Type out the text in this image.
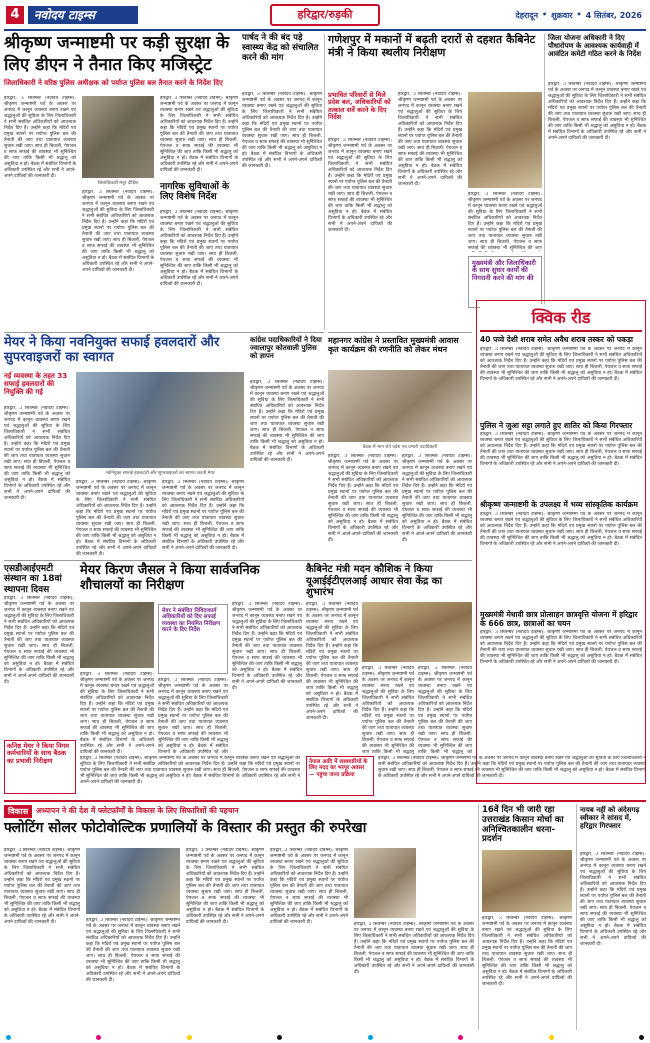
4	नवोदय टाइम्स	हरिद्वार/रुड़की	देहरादून • शुक्रवार • 4 सितंबर, 2026
श्रीकृष्ण जन्माष्टमी पर कड़ी सुरक्षा के
लिए डीएन ने तैनात किए मजिस्ट्रेट
जिलाधिकारी ने वरिष्ठ पुलिस अधीक्षक को पर्याप्त पुलिस बल तैनात करने के निर्देश दिए
हरिद्वार, 3 सितम्बर (नवोदय टाइम्स): श्रीकृष्ण जन्माष्टमी पर्व के अवसर पर जनपद में कानून व्यवस्था बनाए रखने एवं श्रद्धालुओं की सुविधा के लिए जिलाधिकारी ने सभी संबंधित अधिकारियों को आवश्यक निर्देश दिए हैं। उन्होंने कहा कि मंदिरों एवं प्रमुख स्थानों पर पर्याप्त पुलिस बल की तैनाती की जाए तथा यातायात व्यवस्था सुचारु रखी जाए। साथ ही बिजली, पेयजल व साफ सफाई की व्यवस्था भी सुनिश्चित की जाए ताकि किसी भी श्रद्धालु को असुविधा न हो। बैठक में संबंधित विभागों के अधिकारी उपस्थित रहे और सभी ने अपने-अपने दायित्वों की जानकारी दी।
जिलाधिकारी मयूर दीक्षित
हरिद्वार, 3 सितम्बर (नवोदय टाइम्स): श्रीकृष्ण जन्माष्टमी पर्व के अवसर पर जनपद में कानून व्यवस्था बनाए रखने एवं श्रद्धालुओं की सुविधा के लिए जिलाधिकारी ने सभी संबंधित अधिकारियों को आवश्यक निर्देश दिए हैं। उन्होंने कहा कि मंदिरों एवं प्रमुख स्थानों पर पर्याप्त पुलिस बल की तैनाती की जाए तथा यातायात व्यवस्था सुचारु रखी जाए। साथ ही बिजली, पेयजल व साफ सफाई की व्यवस्था भी सुनिश्चित की जाए ताकि किसी भी श्रद्धालु को असुविधा न हो। बैठक में संबंधित विभागों के अधिकारी उपस्थित रहे और सभी ने अपने-अपने दायित्वों की जानकारी दी।
हरिद्वार, 3 सितम्बर (नवोदय टाइम्स): श्रीकृष्ण जन्माष्टमी पर्व के अवसर पर जनपद में कानून व्यवस्था बनाए रखने एवं श्रद्धालुओं की सुविधा के लिए जिलाधिकारी ने सभी संबंधित अधिकारियों को आवश्यक निर्देश दिए हैं। उन्होंने कहा कि मंदिरों एवं प्रमुख स्थानों पर पर्याप्त पुलिस बल की तैनाती की जाए तथा यातायात व्यवस्था सुचारु रखी जाए। साथ ही बिजली, पेयजल व साफ सफाई की व्यवस्था भी सुनिश्चित की जाए ताकि किसी भी श्रद्धालु को असुविधा न हो। बैठक में संबंधित विभागों के अधिकारी उपस्थित रहे और सभी ने अपने-अपने दायित्वों की जानकारी दी।
नागरिक सुविधाओं के लिए विशेष निर्देश
हरिद्वार, 3 सितम्बर (नवोदय टाइम्स): श्रीकृष्ण जन्माष्टमी पर्व के अवसर पर जनपद में कानून व्यवस्था बनाए रखने एवं श्रद्धालुओं की सुविधा के लिए जिलाधिकारी ने सभी संबंधित अधिकारियों को आवश्यक निर्देश दिए हैं। उन्होंने कहा कि मंदिरों एवं प्रमुख स्थानों पर पर्याप्त पुलिस बल की तैनाती की जाए तथा यातायात व्यवस्था सुचारु रखी जाए। साथ ही बिजली, पेयजल व साफ सफाई की व्यवस्था भी सुनिश्चित की जाए ताकि किसी भी श्रद्धालु को असुविधा न हो। बैठक में संबंधित विभागों के अधिकारी उपस्थित रहे और सभी ने अपने-अपने दायित्वों की जानकारी दी।
पार्षद ने की बंद पड़े स्वास्थ्य केंद्र को संचालित करने की मांग
हरिद्वार, 3 सितम्बर (नवोदय टाइम्स): श्रीकृष्ण जन्माष्टमी पर्व के अवसर पर जनपद में कानून व्यवस्था बनाए रखने एवं श्रद्धालुओं की सुविधा के लिए जिलाधिकारी ने सभी संबंधित अधिकारियों को आवश्यक निर्देश दिए हैं। उन्होंने कहा कि मंदिरों एवं प्रमुख स्थानों पर पर्याप्त पुलिस बल की तैनाती की जाए तथा यातायात व्यवस्था सुचारु रखी जाए। साथ ही बिजली, पेयजल व साफ सफाई की व्यवस्था भी सुनिश्चित की जाए ताकि किसी भी श्रद्धालु को असुविधा न हो। बैठक में संबंधित विभागों के अधिकारी उपस्थित रहे और सभी ने अपने-अपने दायित्वों की जानकारी दी।
गणेशपुर में मकानों में बढ़ती दरारों से दहशत कैबिनेट मंत्री ने किया स्थलीय निरीक्षण
प्रभावित परिवारों से मिले प्रदेश बल, अधिकारियों को तत्काल सर्वे करने के दिए निर्देश
हरिद्वार, 3 सितम्बर (नवोदय टाइम्स): श्रीकृष्ण जन्माष्टमी पर्व के अवसर पर जनपद में कानून व्यवस्था बनाए रखने एवं श्रद्धालुओं की सुविधा के लिए जिलाधिकारी ने सभी संबंधित अधिकारियों को आवश्यक निर्देश दिए हैं। उन्होंने कहा कि मंदिरों एवं प्रमुख स्थानों पर पर्याप्त पुलिस बल की तैनाती की जाए तथा यातायात व्यवस्था सुचारु रखी जाए। साथ ही बिजली, पेयजल व साफ सफाई की व्यवस्था भी सुनिश्चित की जाए ताकि किसी भी श्रद्धालु को असुविधा न हो। बैठक में संबंधित विभागों के अधिकारी उपस्थित रहे और सभी ने अपने-अपने दायित्वों की जानकारी दी।
हरिद्वार, 3 सितम्बर (नवोदय टाइम्स): श्रीकृष्ण जन्माष्टमी पर्व के अवसर पर जनपद में कानून व्यवस्था बनाए रखने एवं श्रद्धालुओं की सुविधा के लिए जिलाधिकारी ने सभी संबंधित अधिकारियों को आवश्यक निर्देश दिए हैं। उन्होंने कहा कि मंदिरों एवं प्रमुख स्थानों पर पर्याप्त पुलिस बल की तैनाती की जाए तथा यातायात व्यवस्था सुचारु रखी जाए। साथ ही बिजली, पेयजल व साफ सफाई की व्यवस्था भी सुनिश्चित की जाए ताकि किसी भी श्रद्धालु को असुविधा न हो। बैठक में संबंधित विभागों के अधिकारी उपस्थित रहे और सभी ने अपने-अपने दायित्वों की जानकारी दी।
हरिद्वार, 3 सितम्बर (नवोदय टाइम्स): श्रीकृष्ण जन्माष्टमी पर्व के अवसर पर जनपद में कानून व्यवस्था बनाए रखने एवं श्रद्धालुओं की सुविधा के लिए जिलाधिकारी ने सभी संबंधित अधिकारियों को आवश्यक निर्देश दिए हैं। उन्होंने कहा कि मंदिरों एवं प्रमुख स्थानों पर पर्याप्त पुलिस बल की तैनाती की जाए तथा यातायात व्यवस्था सुचारु रखी जाए। साथ ही बिजली, पेयजल व साफ सफाई की व्यवस्था भी सुनिश्चित की जाए
मुख्यमंत्री और जिलाधिकारी के साथ सुधार कार्यों की निगरानी करने की मांग की
जिला योजना अधिकारी ने दिए पौधारोपण के आवश्यक कार्यवाही में आवंटित कमेटी गठित करने के निर्देश
हरिद्वार, 3 सितम्बर (नवोदय टाइम्स): श्रीकृष्ण जन्माष्टमी पर्व के अवसर पर जनपद में कानून व्यवस्था बनाए रखने एवं श्रद्धालुओं की सुविधा के लिए जिलाधिकारी ने सभी संबंधित अधिकारियों को आवश्यक निर्देश दिए हैं। उन्होंने कहा कि मंदिरों एवं प्रमुख स्थानों पर पर्याप्त पुलिस बल की तैनाती की जाए तथा यातायात व्यवस्था सुचारु रखी जाए। साथ ही बिजली, पेयजल व साफ सफाई की व्यवस्था भी सुनिश्चित की जाए ताकि किसी भी श्रद्धालु को असुविधा न हो। बैठक में संबंधित विभागों के अधिकारी उपस्थित रहे और सभी ने अपने-अपने दायित्वों की जानकारी दी।
मेयर ने किया नवनियुक्त सफाई हवलदारों और सुपरवाइजरों का स्वागत
नई व्यवस्था के तहत 33 सफाई हवलदारों की नियुक्ति की गई
हरिद्वार, 3 सितम्बर (नवोदय टाइम्स): श्रीकृष्ण जन्माष्टमी पर्व के अवसर पर जनपद में कानून व्यवस्था बनाए रखने एवं श्रद्धालुओं की सुविधा के लिए जिलाधिकारी ने सभी संबंधित अधिकारियों को आवश्यक निर्देश दिए हैं। उन्होंने कहा कि मंदिरों एवं प्रमुख स्थानों पर पर्याप्त पुलिस बल की तैनाती की जाए तथा यातायात व्यवस्था सुचारु रखी जाए। साथ ही बिजली, पेयजल व साफ सफाई की व्यवस्था भी सुनिश्चित की जाए ताकि किसी भी श्रद्धालु को असुविधा न हो। बैठक में संबंधित विभागों के अधिकारी उपस्थित रहे और सभी ने अपने-अपने दायित्वों की जानकारी दी।
नवनियुक्त सफाई हवलदारों और सुपरवाइजरों का स्वागत करती मेयर
हरिद्वार, 3 सितम्बर (नवोदय टाइम्स): श्रीकृष्ण जन्माष्टमी पर्व के अवसर पर जनपद में कानून व्यवस्था बनाए रखने एवं श्रद्धालुओं की सुविधा के लिए जिलाधिकारी ने सभी संबंधित अधिकारियों को आवश्यक निर्देश दिए हैं। उन्होंने कहा कि मंदिरों एवं प्रमुख स्थानों पर पर्याप्त पुलिस बल की तैनाती की जाए तथा यातायात व्यवस्था सुचारु रखी जाए। साथ ही बिजली, पेयजल व साफ सफाई की व्यवस्था भी सुनिश्चित की जाए ताकि किसी भी श्रद्धालु को असुविधा न हो। बैठक में संबंधित विभागों के अधिकारी उपस्थित रहे और सभी ने अपने-अपने दायित्वों की जानकारी दी।
हरिद्वार, 3 सितम्बर (नवोदय टाइम्स): श्रीकृष्ण जन्माष्टमी पर्व के अवसर पर जनपद में कानून व्यवस्था बनाए रखने एवं श्रद्धालुओं की सुविधा के लिए जिलाधिकारी ने सभी संबंधित अधिकारियों को आवश्यक निर्देश दिए हैं। उन्होंने कहा कि मंदिरों एवं प्रमुख स्थानों पर पर्याप्त पुलिस बल की तैनाती की जाए तथा यातायात व्यवस्था सुचारु रखी जाए। साथ ही बिजली, पेयजल व साफ सफाई की व्यवस्था भी सुनिश्चित की जाए ताकि किसी भी श्रद्धालु को असुविधा न हो। बैठक में संबंधित विभागों के अधिकारी उपस्थित रहे और सभी ने अपने-अपने दायित्वों की जानकारी दी।
कांग्रेस पदाधिकारियों ने दिया ज्वालापुर कोतवाली पुलिस को ज्ञापन
हरिद्वार, 3 सितम्बर (नवोदय टाइम्स): श्रीकृष्ण जन्माष्टमी पर्व के अवसर पर जनपद में कानून व्यवस्था बनाए रखने एवं श्रद्धालुओं की सुविधा के लिए जिलाधिकारी ने सभी संबंधित अधिकारियों को आवश्यक निर्देश दिए हैं। उन्होंने कहा कि मंदिरों एवं प्रमुख स्थानों पर पर्याप्त पुलिस बल की तैनाती की जाए तथा यातायात व्यवस्था सुचारु रखी जाए। साथ ही बिजली, पेयजल व साफ सफाई की व्यवस्था भी सुनिश्चित की जाए ताकि किसी भी श्रद्धालु को असुविधा न हो। बैठक में संबंधित विभागों के अधिकारी उपस्थित रहे और सभी ने अपने-अपने दायित्वों की जानकारी दी।
महानगर कांग्रेस ने प्रस्तावित मुख्यमंत्री आवास कृत कार्यक्रम की रणनीति को लेकर मंथन
बैठक में भाग लेते प्रदेश एवं प्रभारी पदाधिकारी
हरिद्वार, 3 सितम्बर (नवोदय टाइम्स): श्रीकृष्ण जन्माष्टमी पर्व के अवसर पर जनपद में कानून व्यवस्था बनाए रखने एवं श्रद्धालुओं की सुविधा के लिए जिलाधिकारी ने सभी संबंधित अधिकारियों को आवश्यक निर्देश दिए हैं। उन्होंने कहा कि मंदिरों एवं प्रमुख स्थानों पर पर्याप्त पुलिस बल की तैनाती की जाए तथा यातायात व्यवस्था सुचारु रखी जाए। साथ ही बिजली, पेयजल व साफ सफाई की व्यवस्था भी सुनिश्चित की जाए ताकि किसी भी श्रद्धालु को असुविधा न हो। बैठक में संबंधित विभागों के अधिकारी उपस्थित रहे और सभी ने अपने-अपने दायित्वों की जानकारी दी।
हरिद्वार, 3 सितम्बर (नवोदय टाइम्स): श्रीकृष्ण जन्माष्टमी पर्व के अवसर पर जनपद में कानून व्यवस्था बनाए रखने एवं श्रद्धालुओं की सुविधा के लिए जिलाधिकारी ने सभी संबंधित अधिकारियों को आवश्यक निर्देश दिए हैं। उन्होंने कहा कि मंदिरों एवं प्रमुख स्थानों पर पर्याप्त पुलिस बल की तैनाती की जाए तथा यातायात व्यवस्था सुचारु रखी जाए। साथ ही बिजली, पेयजल व साफ सफाई की व्यवस्था भी सुनिश्चित की जाए ताकि किसी भी श्रद्धालु को असुविधा न हो। बैठक में संबंधित विभागों के अधिकारी उपस्थित रहे और सभी ने अपने-अपने दायित्वों की जानकारी दी।
क्विक रीड
40 पव्वे देशी शराब समेत अवैध शराब तस्कर को पकड़ा
हरिद्वार, 3 सितम्बर (नवोदय टाइम्स): श्रीकृष्ण जन्माष्टमी पर्व के अवसर पर जनपद में कानून व्यवस्था बनाए रखने एवं श्रद्धालुओं की सुविधा के लिए जिलाधिकारी ने सभी संबंधित अधिकारियों को आवश्यक निर्देश दिए हैं। उन्होंने कहा कि मंदिरों एवं प्रमुख स्थानों पर पर्याप्त पुलिस बल की तैनाती की जाए तथा यातायात व्यवस्था सुचारु रखी जाए। साथ ही बिजली, पेयजल व साफ सफाई की व्यवस्था भी सुनिश्चित की जाए ताकि किसी भी श्रद्धालु को असुविधा न हो। बैठक में संबंधित विभागों के अधिकारी उपस्थित रहे और सभी ने अपने-अपने दायित्वों की जानकारी दी।
पुलिस ने जुआ सट्टा लगाते हुए शातिर को किया गिरफ्तार
हरिद्वार, 3 सितम्बर (नवोदय टाइम्स): श्रीकृष्ण जन्माष्टमी पर्व के अवसर पर जनपद में कानून व्यवस्था बनाए रखने एवं श्रद्धालुओं की सुविधा के लिए जिलाधिकारी ने सभी संबंधित अधिकारियों को आवश्यक निर्देश दिए हैं। उन्होंने कहा कि मंदिरों एवं प्रमुख स्थानों पर पर्याप्त पुलिस बल की तैनाती की जाए तथा यातायात व्यवस्था सुचारु रखी जाए। साथ ही बिजली, पेयजल व साफ सफाई की व्यवस्था भी सुनिश्चित की जाए ताकि किसी भी श्रद्धालु को असुविधा न हो। बैठक में संबंधित विभागों के अधिकारी उपस्थित रहे और सभी ने अपने-अपने दायित्वों की जानकारी दी।
श्रीकृष्ण जन्माष्टमी के उपलक्ष्य में भव्य सांस्कृतिक कार्यक्रम
हरिद्वार, 3 सितम्बर (नवोदय टाइम्स): श्रीकृष्ण जन्माष्टमी पर्व के अवसर पर जनपद में कानून व्यवस्था बनाए रखने एवं श्रद्धालुओं की सुविधा के लिए जिलाधिकारी ने सभी संबंधित अधिकारियों को आवश्यक निर्देश दिए हैं। उन्होंने कहा कि मंदिरों एवं प्रमुख स्थानों पर पर्याप्त पुलिस बल की तैनाती की जाए तथा यातायात व्यवस्था सुचारु रखी जाए। साथ ही बिजली, पेयजल व साफ सफाई की व्यवस्था भी सुनिश्चित की जाए ताकि किसी भी श्रद्धालु को असुविधा न हो। बैठक में संबंधित विभागों के अधिकारी उपस्थित रहे और सभी ने अपने-अपने दायित्वों की जानकारी दी।
मुख्यमंत्री मेधावी छात्र प्रोत्साहन छात्रवृत्ति योजना में हरिद्वार के 666 छात्र, छात्राओं का चयन
हरिद्वार, 3 सितम्बर (नवोदय टाइम्स): श्रीकृष्ण जन्माष्टमी पर्व के अवसर पर जनपद में कानून व्यवस्था बनाए रखने एवं श्रद्धालुओं की सुविधा के लिए जिलाधिकारी ने सभी संबंधित अधिकारियों को आवश्यक निर्देश दिए हैं। उन्होंने कहा कि मंदिरों एवं प्रमुख स्थानों पर पर्याप्त पुलिस बल की तैनाती की जाए तथा यातायात व्यवस्था सुचारु रखी जाए। साथ ही बिजली, पेयजल व साफ सफाई की व्यवस्था भी सुनिश्चित की जाए ताकि किसी भी श्रद्धालु को असुविधा न हो। बैठक में संबंधित विभागों के अधिकारी उपस्थित रहे और सभी ने अपने-अपने दायित्वों की जानकारी दी।
एसडीआईएमटी संस्थान का 18वां स्थापना दिवस
हरिद्वार, 3 सितम्बर (नवोदय टाइम्स): श्रीकृष्ण जन्माष्टमी पर्व के अवसर पर जनपद में कानून व्यवस्था बनाए रखने एवं श्रद्धालुओं की सुविधा के लिए जिलाधिकारी ने सभी संबंधित अधिकारियों को आवश्यक निर्देश दिए हैं। उन्होंने कहा कि मंदिरों एवं प्रमुख स्थानों पर पर्याप्त पुलिस बल की तैनाती की जाए तथा यातायात व्यवस्था सुचारु रखी जाए। साथ ही बिजली, पेयजल व साफ सफाई की व्यवस्था भी सुनिश्चित की जाए ताकि किसी भी श्रद्धालु को असुविधा न हो। बैठक में संबंधित विभागों के अधिकारी उपस्थित रहे और सभी ने अपने-अपने दायित्वों की जानकारी दी।
मेयर किरण जैसल ने किया सार्वजनिक शौचालयों का निरीक्षण
हरिद्वार, 3 सितम्बर (नवोदय टाइम्स): श्रीकृष्ण जन्माष्टमी पर्व के अवसर पर जनपद में कानून व्यवस्था बनाए रखने एवं श्रद्धालुओं की सुविधा के लिए जिलाधिकारी ने सभी संबंधित अधिकारियों को आवश्यक निर्देश दिए हैं। उन्होंने कहा कि मंदिरों एवं प्रमुख स्थानों पर पर्याप्त पुलिस बल की तैनाती की जाए तथा यातायात व्यवस्था सुचारु रखी जाए। साथ ही बिजली, पेयजल व साफ सफाई की व्यवस्था भी सुनिश्चित की जाए ताकि किसी भी श्रद्धालु को असुविधा न हो। बैठक में संबंधित विभागों के अधिकारी उपस्थित रहे और सभी ने अपने-अपने दायित्वों की जानकारी दी।
मेयर ने संबंधित निविदाकार्य अधिकारियों को दिए सफाई व्यवस्था का नियमित निरीक्षण करने के दिए निर्देश
हरिद्वार, 3 सितम्बर (नवोदय टाइम्स): श्रीकृष्ण जन्माष्टमी पर्व के अवसर पर जनपद में कानून व्यवस्था बनाए रखने एवं श्रद्धालुओं की सुविधा के लिए जिलाधिकारी ने सभी संबंधित अधिकारियों को आवश्यक निर्देश दिए हैं। उन्होंने कहा कि मंदिरों एवं प्रमुख स्थानों पर पर्याप्त पुलिस बल की तैनाती की जाए तथा यातायात व्यवस्था सुचारु रखी जाए। साथ ही बिजली, पेयजल व साफ सफाई की व्यवस्था भी सुनिश्चित की जाए ताकि किसी भी श्रद्धालु को असुविधा न हो। बैठक में संबंधित विभागों के अधिकारी उपस्थित रहे और
हरिद्वार, 3 सितम्बर (नवोदय टाइम्स): श्रीकृष्ण जन्माष्टमी पर्व के अवसर पर जनपद में कानून व्यवस्था बनाए रखने एवं श्रद्धालुओं की सुविधा के लिए जिलाधिकारी ने सभी संबंधित अधिकारियों को आवश्यक निर्देश दिए हैं। उन्होंने कहा कि मंदिरों एवं प्रमुख स्थानों पर पर्याप्त पुलिस बल की तैनाती की जाए तथा यातायात व्यवस्था सुचारु रखी जाए। साथ ही बिजली, पेयजल व साफ सफाई की व्यवस्था भी सुनिश्चित की जाए ताकि किसी भी श्रद्धालु को असुविधा न हो। बैठक में संबंधित विभागों के अधिकारी उपस्थित रहे और सभी ने अपने-अपने दायित्वों की जानकारी दी।
कैबिनेट मंत्री मदन कौशिक ने किया यूआईईटीएलआई आधार सेवा केंद्र का शुभारंभ
हरिद्वार, 3 सितम्बर (नवोदय टाइम्स): श्रीकृष्ण जन्माष्टमी पर्व के अवसर पर जनपद में कानून व्यवस्था बनाए रखने एवं श्रद्धालुओं की सुविधा के लिए जिलाधिकारी ने सभी संबंधित अधिकारियों को आवश्यक निर्देश दिए हैं। उन्होंने कहा कि मंदिरों एवं प्रमुख स्थानों पर पर्याप्त पुलिस बल की तैनाती की जाए तथा यातायात व्यवस्था सुचारु रखी जाए। साथ ही बिजली, पेयजल व साफ सफाई की व्यवस्था भी सुनिश्चित की जाए ताकि किसी भी श्रद्धालु को असुविधा न हो। बैठक में संबंधित विभागों के अधिकारी उपस्थित रहे और सभी ने अपने-अपने दायित्वों की जानकारी दी।
हरिद्वार, 3 सितम्बर (नवोदय टाइम्स): श्रीकृष्ण जन्माष्टमी पर्व के अवसर पर जनपद में कानून व्यवस्था बनाए रखने एवं श्रद्धालुओं की सुविधा के लिए जिलाधिकारी ने सभी संबंधित अधिकारियों को आवश्यक निर्देश दिए हैं। उन्होंने कहा कि मंदिरों एवं प्रमुख स्थानों पर पर्याप्त पुलिस बल की तैनाती की जाए तथा यातायात व्यवस्था सुचारु रखी जाए। साथ ही बिजली, पेयजल व साफ सफाई की व्यवस्था भी सुनिश्चित की जाए ताकि किसी भी श्रद्धालु
हरिद्वार, 3 सितम्बर (नवोदय टाइम्स): श्रीकृष्ण जन्माष्टमी पर्व के अवसर पर जनपद में कानून व्यवस्था बनाए रखने एवं श्रद्धालुओं की सुविधा के लिए जिलाधिकारी ने सभी संबंधित अधिकारियों को आवश्यक निर्देश दिए हैं। उन्होंने कहा कि मंदिरों एवं प्रमुख स्थानों पर पर्याप्त पुलिस बल की तैनाती की जाए तथा यातायात व्यवस्था सुचारु रखी जाए। साथ ही बिजली, पेयजल व साफ सफाई की व्यवस्था भी सुनिश्चित की जाए ताकि किसी भी श्रद्धालु को
कनिष्ठ मेयर ने किया निगम कर्मचारियों के साथ बैठक का प्रभावी निरीक्षण	हरिद्वार, 3 सितम्बर (नवोदय टाइम्स): श्रीकृष्ण जन्माष्टमी पर्व के अवसर पर जनपद में कानून व्यवस्था बनाए रखने एवं श्रद्धालुओं की सुविधा के लिए जिलाधिकारी ने सभी संबंधित अधिकारियों को आवश्यक निर्देश दिए हैं। उन्होंने कहा कि मंदिरों एवं प्रमुख स्थानों पर पर्याप्त पुलिस बल की तैनाती की जाए तथा यातायात व्यवस्था सुचारु रखी जाए। साथ ही बिजली, पेयजल व साफ सफाई की व्यवस्था भी सुनिश्चित की जाए ताकि किसी भी श्रद्धालु को असुविधा न हो। बैठक में संबंधित विभागों के अधिकारी उपस्थित रहे और सभी ने अपने-अपने दायित्वों की जानकारी दी।
नेपाल आदि में शस्त्रधारियों के लिए मदद का भरपूर अवसर — पहुंचा जाना प्रक्रिया
हरिद्वार, 3 सितम्बर (नवोदय टाइम्स): श्रीकृष्ण जन्माष्टमी पर्व के अवसर पर जनपद में कानून व्यवस्था बनाए रखने एवं श्रद्धालुओं की सुविधा के लिए जिलाधिकारी ने सभी संबंधित अधिकारियों को आवश्यक निर्देश दिए हैं। उन्होंने कहा कि मंदिरों एवं प्रमुख स्थानों पर पर्याप्त पुलिस बल की तैनाती की जाए तथा यातायात व्यवस्था सुचारु रखी जाए। साथ ही बिजली, पेयजल व साफ सफाई की व्यवस्था भी सुनिश्चित की जाए ताकि किसी भी श्रद्धालु को असुविधा न हो। बैठक में संबंधित विभागों के अधिकारी उपस्थित रहे और सभी ने अपने-अपने दायित्वों की जानकारी दी।
विकास	अध्यापन ने की देश में फ्लेटफ़ॉर्मों के विकास के लिए सिफारिशों की पहचान
फ्लोटिंग सोलर फोटोवोल्टिक प्रणालियों के विस्तार की प्रस्तुत की रुपरेखा
हरिद्वार, 3 सितम्बर (नवोदय टाइम्स): श्रीकृष्ण जन्माष्टमी पर्व के अवसर पर जनपद में कानून व्यवस्था बनाए रखने एवं श्रद्धालुओं की सुविधा के लिए जिलाधिकारी ने सभी संबंधित अधिकारियों को आवश्यक निर्देश दिए हैं। उन्होंने कहा कि मंदिरों एवं प्रमुख स्थानों पर पर्याप्त पुलिस बल की तैनाती की जाए तथा यातायात व्यवस्था सुचारु रखी जाए। साथ ही बिजली, पेयजल व साफ सफाई की व्यवस्था भी सुनिश्चित की जाए ताकि किसी भी श्रद्धालु को असुविधा न हो। बैठक में संबंधित विभागों के अधिकारी उपस्थित रहे और सभी ने अपने-अपने दायित्वों की जानकारी दी।	हरिद्वार, 3 सितम्बर (नवोदय टाइम्स): श्रीकृष्ण जन्माष्टमी पर्व के अवसर पर जनपद में कानून व्यवस्था बनाए रखने एवं श्रद्धालुओं की सुविधा के लिए जिलाधिकारी ने सभी संबंधित अधिकारियों को आवश्यक निर्देश दिए हैं। उन्होंने कहा कि मंदिरों एवं प्रमुख स्थानों पर पर्याप्त पुलिस बल की तैनाती की जाए तथा यातायात व्यवस्था सुचारु रखी जाए। साथ ही बिजली, पेयजल व साफ सफाई की व्यवस्था भी सुनिश्चित की जाए ताकि किसी भी श्रद्धालु को असुविधा न हो। बैठक में संबंधित विभागों के अधिकारी उपस्थित रहे और सभी ने अपने-अपने दायित्वों की जानकारी दी।
हरिद्वार, 3 सितम्बर (नवोदय टाइम्स): श्रीकृष्ण जन्माष्टमी पर्व के अवसर पर जनपद में कानून व्यवस्था बनाए रखने एवं श्रद्धालुओं की सुविधा के लिए जिलाधिकारी ने सभी संबंधित अधिकारियों को आवश्यक निर्देश दिए हैं। उन्होंने कहा कि मंदिरों एवं प्रमुख स्थानों पर पर्याप्त पुलिस बल की तैनाती की जाए तथा यातायात व्यवस्था सुचारु रखी जाए। साथ ही बिजली, पेयजल व साफ सफाई की व्यवस्था भी सुनिश्चित की जाए ताकि किसी भी श्रद्धालु को असुविधा न हो। बैठक में संबंधित विभागों के अधिकारी उपस्थित रहे और सभी ने अपने-अपने दायित्वों की जानकारी दी।
हरिद्वार, 3 सितम्बर (नवोदय टाइम्स): श्रीकृष्ण जन्माष्टमी पर्व के अवसर पर जनपद में कानून व्यवस्था बनाए रखने एवं श्रद्धालुओं की सुविधा के लिए जिलाधिकारी ने सभी संबंधित अधिकारियों को आवश्यक निर्देश दिए हैं। उन्होंने कहा कि मंदिरों एवं प्रमुख स्थानों पर पर्याप्त पुलिस बल की तैनाती की जाए तथा यातायात व्यवस्था सुचारु रखी जाए। साथ ही बिजली, पेयजल व साफ सफाई की व्यवस्था भी सुनिश्चित की जाए ताकि किसी भी श्रद्धालु को असुविधा न हो। बैठक में संबंधित विभागों के अधिकारी उपस्थित रहे और सभी ने अपने-अपने दायित्वों की जानकारी दी।	हरिद्वार, 3 सितम्बर (नवोदय टाइम्स): श्रीकृष्ण जन्माष्टमी पर्व के अवसर पर जनपद में कानून व्यवस्था बनाए रखने एवं श्रद्धालुओं की सुविधा के लिए जिलाधिकारी ने सभी संबंधित अधिकारियों को आवश्यक निर्देश दिए हैं। उन्होंने कहा कि मंदिरों एवं प्रमुख स्थानों पर पर्याप्त पुलिस बल की तैनाती की जाए तथा यातायात व्यवस्था सुचारु रखी जाए। साथ ही बिजली, पेयजल व साफ सफाई की व्यवस्था भी सुनिश्चित की जाए ताकि किसी भी श्रद्धालु को असुविधा न हो। बैठक में संबंधित विभागों के अधिकारी उपस्थित रहे और सभी ने अपने-अपने दायित्वों की जानकारी दी।
16वें दिन भी जारी रहा उत्तराखंड किसान मोर्चा का अनिश्चितकालीन धरना-प्रदर्शन
हरिद्वार, 3 सितम्बर (नवोदय टाइम्स): श्रीकृष्ण जन्माष्टमी पर्व के अवसर पर जनपद में कानून व्यवस्था बनाए रखने एवं श्रद्धालुओं की सुविधा के लिए जिलाधिकारी ने सभी संबंधित अधिकारियों को आवश्यक निर्देश दिए हैं। उन्होंने कहा कि मंदिरों एवं प्रमुख स्थानों पर पर्याप्त पुलिस बल की तैनाती की जाए तथा यातायात व्यवस्था सुचारु रखी जाए। साथ ही बिजली, पेयजल व साफ सफाई की व्यवस्था भी सुनिश्चित की जाए ताकि किसी भी श्रद्धालु को असुविधा न हो। बैठक में संबंधित विभागों के अधिकारी उपस्थित रहे और सभी ने अपने-अपने दायित्वों की जानकारी दी।
नायब नहीं को अंदेसगढ़ स्वीकार ने सांसद में, हरिद्वार गिरफ्तार
हरिद्वार, 3 सितम्बर (नवोदय टाइम्स): श्रीकृष्ण जन्माष्टमी पर्व के अवसर पर जनपद में कानून व्यवस्था बनाए रखने एवं श्रद्धालुओं की सुविधा के लिए जिलाधिकारी ने सभी संबंधित अधिकारियों को आवश्यक निर्देश दिए हैं। उन्होंने कहा कि मंदिरों एवं प्रमुख स्थानों पर पर्याप्त पुलिस बल की तैनाती की जाए तथा यातायात व्यवस्था सुचारु रखी जाए। साथ ही बिजली, पेयजल व साफ सफाई की व्यवस्था भी सुनिश्चित की जाए ताकि किसी भी श्रद्धालु को असुविधा न हो। बैठक में संबंधित विभागों के अधिकारी उपस्थित रहे और सभी ने अपने-अपने दायित्वों की जानकारी दी।
